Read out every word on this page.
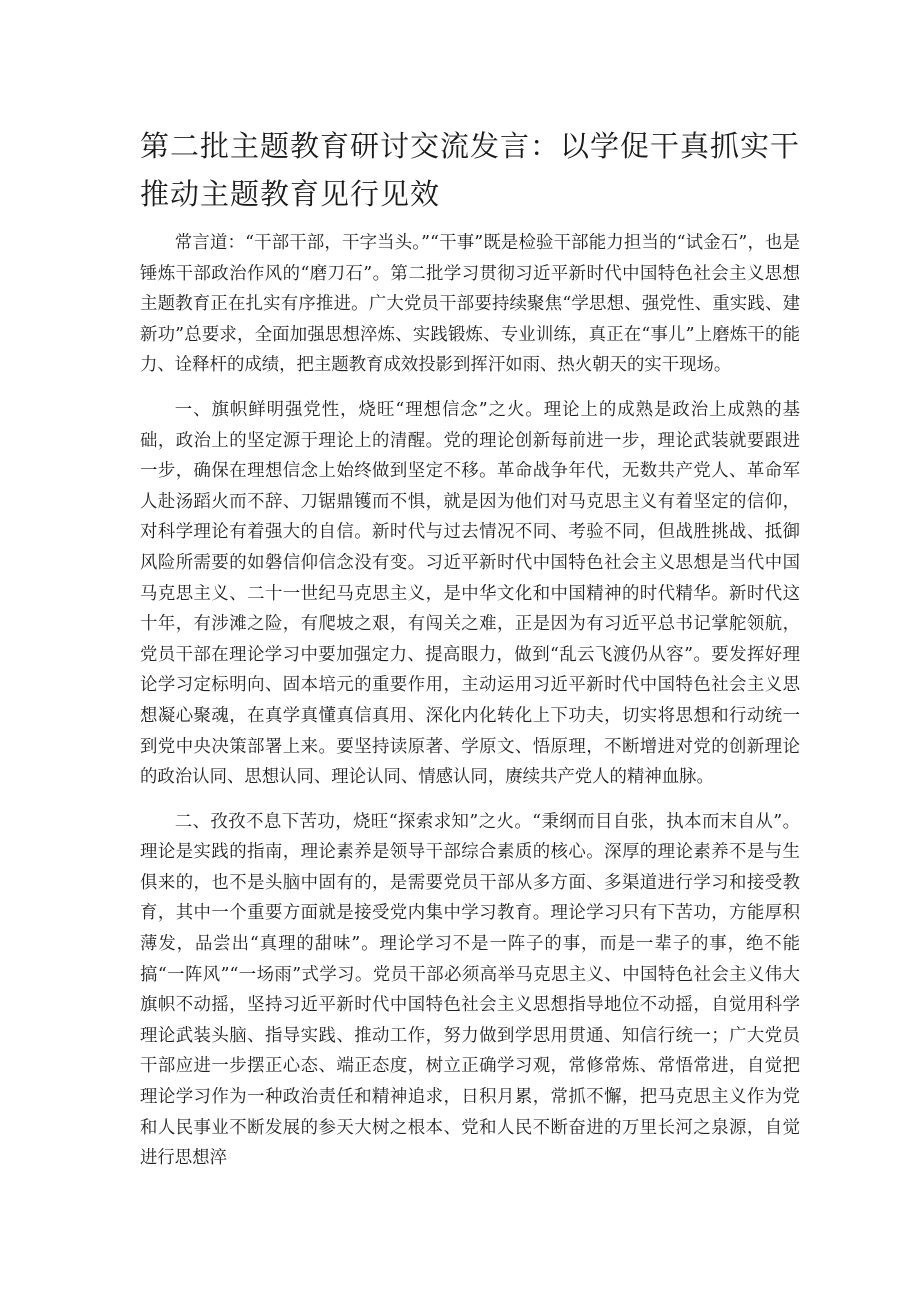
第二批主题教育研讨交流发言：以学促干真抓实干
推动主题教育见行见效

常言道：“干部干部，干字当头。”“干事”既是检验干部能力担当的“试金石”，也是锤炼干部政治作风的“磨刀石”。第二批学习贯彻习近平新时代中国特色社会主义思想主题教育正在扎实有序推进。广大党员干部要持续聚焦“学思想、强党性、重实践、建新功”总要求，全面加强思想淬炼、实践锻炼、专业训练，真正在“事儿”上磨炼干的能力、诠释杆的成绩，把主题教育成效投影到挥汗如雨、热火朝天的实干现场。

一、旗帜鲜明强党性，烧旺“理想信念”之火。理论上的成熟是政治上成熟的基础，政治上的坚定源于理论上的清醒。党的理论创新每前进一步，理论武装就要跟进一步，确保在理想信念上始终做到坚定不移。革命战争年代，无数共产党人、革命军人赴汤蹈火而不辞、刀锯鼎镬而不惧，就是因为他们对马克思主义有着坚定的信仰，对科学理论有着强大的自信。新时代与过去情况不同、考验不同，但战胜挑战、抵御风险所需要的如磐信仰信念没有变。习近平新时代中国特色社会主义思想是当代中国马克思主义、二十一世纪马克思主义，是中华文化和中国精神的时代精华。新时代这十年，有涉滩之险，有爬坡之艰，有闯关之难，正是因为有习近平总书记掌舵领航，党员干部在理论学习中要加强定力、提高眼力，做到“乱云飞渡仍从容”。要发挥好理论学习定标明向、固本培元的重要作用，主动运用习近平新时代中国特色社会主义思想凝心聚魂，在真学真懂真信真用、深化内化转化上下功夫，切实将思想和行动统一到党中央决策部署上来。要坚持读原著、学原文、悟原理，不断增进对党的创新理论的政治认同、思想认同、理论认同、情感认同，赓续共产党人的精神血脉。

二、孜孜不息下苦功，烧旺“探索求知”之火。“秉纲而目自张，执本而末自从”。理论是实践的指南，理论素养是领导干部综合素质的核心。深厚的理论素养不是与生俱来的，也不是头脑中固有的，是需要党员干部从多方面、多渠道进行学习和接受教育，其中一个重要方面就是接受党内集中学习教育。理论学习只有下苦功，方能厚积薄发，品尝出“真理的甜味”。理论学习不是一阵子的事，而是一辈子的事，绝不能搞“一阵风”“一场雨”式学习。党员干部必须高举马克思主义、中国特色社会主义伟大旗帜不动摇，坚持习近平新时代中国特色社会主义思想指导地位不动摇，自觉用科学理论武装头脑、指导实践、推动工作，努力做到学思用贯通、知信行统一；广大党员干部应进一步摆正心态、端正态度，树立正确学习观，常修常炼、常悟常进，自觉把理论学习作为一种政治责任和精神追求，日积月累，常抓不懈，把马克思主义作为党和人民事业不断发展的参天大树之根本、党和人民不断奋进的万里长河之泉源，自觉进行思想淬
